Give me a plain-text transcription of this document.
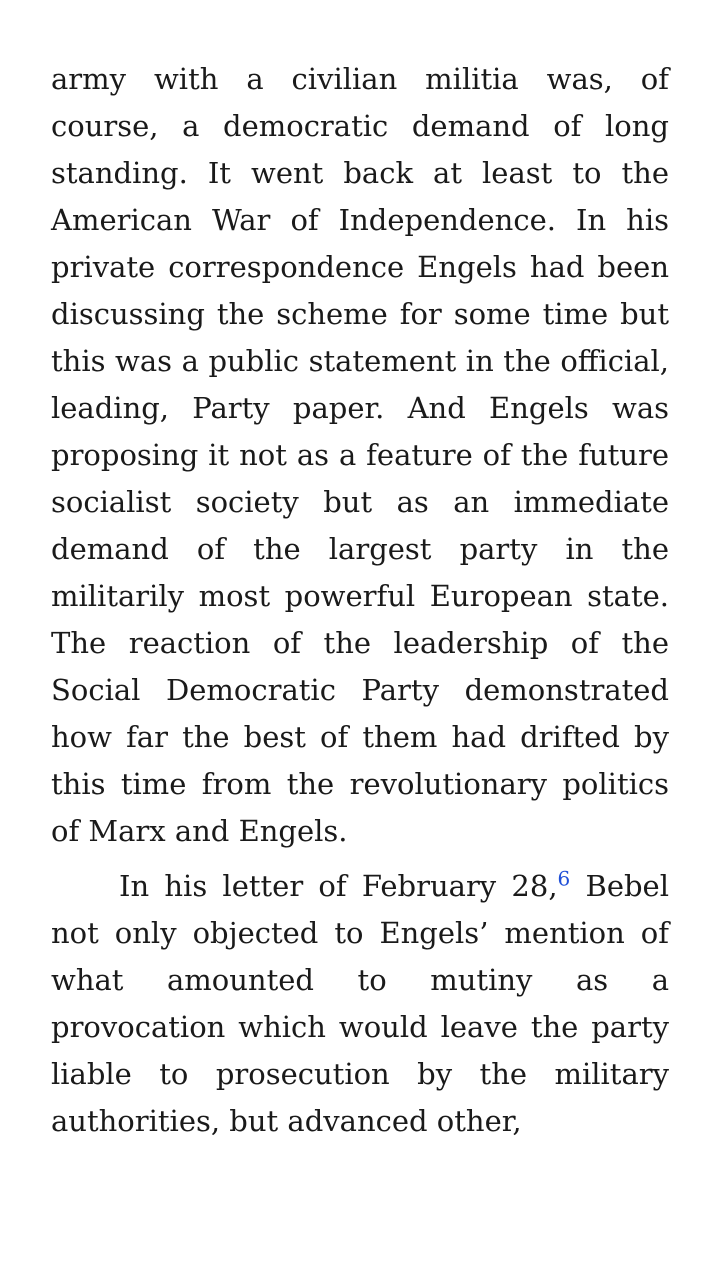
army with a civilian militia was, of course, a democratic demand of long standing. It went back at least to the American War of Independence. In his private correspondence Engels had been discussing the scheme for some time but this was a public statement in the official, leading, Party paper. And Engels was proposing it not as a feature of the future socialist society but as an immediate demand of the largest party in the militarily most powerful European state. The reaction of the leadership of the Social Democratic Party demonstrated how far the best of them had drifted by this time from the revolutionary politics of Marx and Engels.

In his letter of February 28,$^6$ Bebel not only objected to Engels’ mention of what amounted to mutiny as a provocation which would leave the party liable to prosecution by the military authorities, but advanced other,
